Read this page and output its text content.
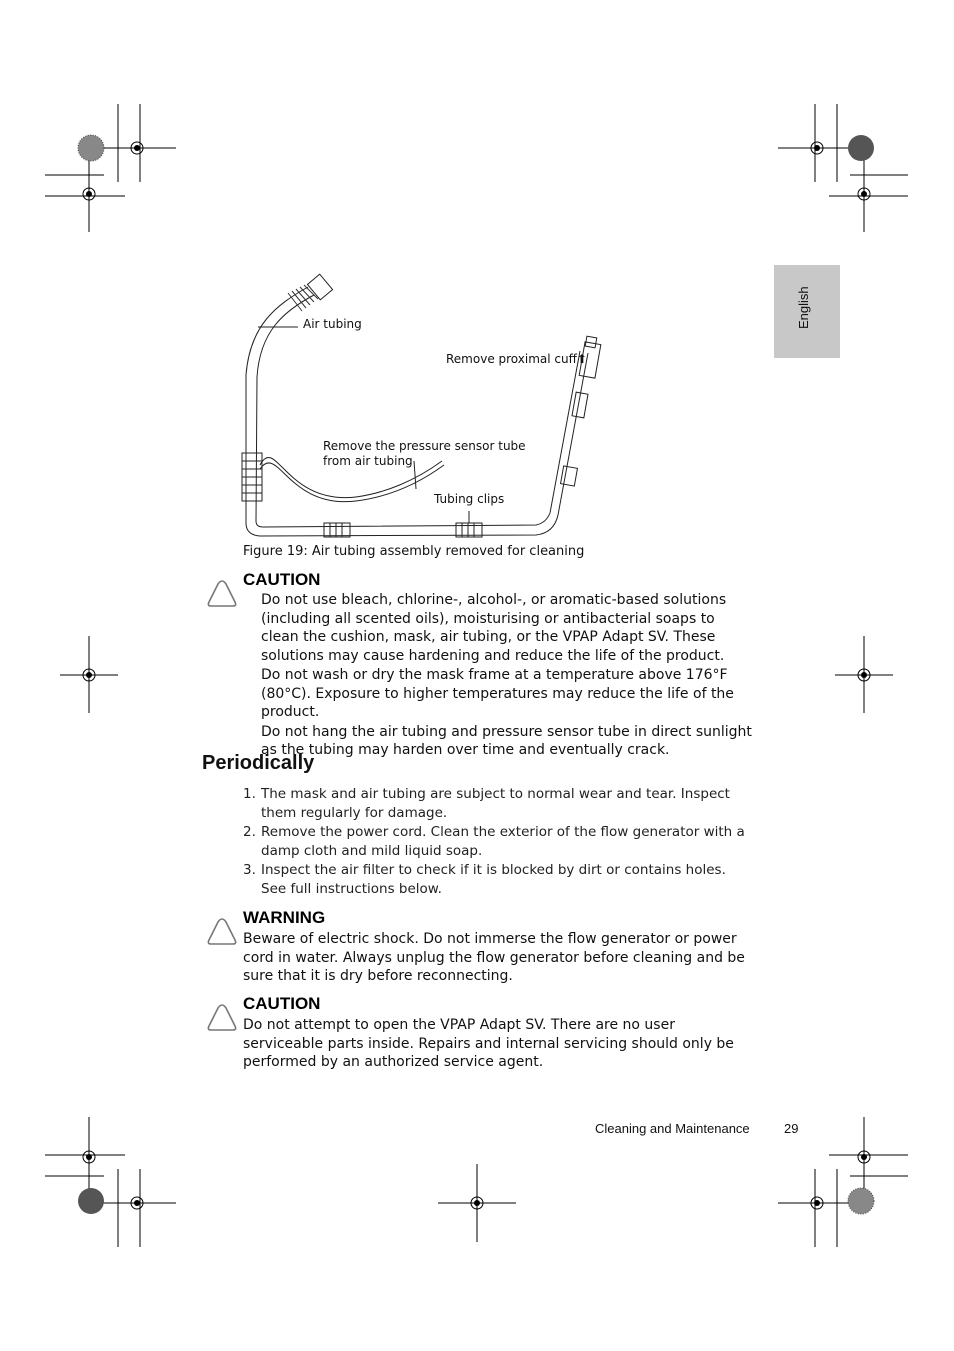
English
Air tubing
Remove proximal cuff⬆
Remove the pressure sensor tube
from air tubing
Tubing clips
Figure 19: Air tubing assembly removed for cleaning
CAUTION

Do not use bleach, chlorine-, alcohol-, or aromatic-based solutions (including all scented oils), moisturising or antibacterial soaps to clean the cushion, mask, air tubing, or the VPAP Adapt SV. These solutions may cause hardening and reduce the life of the product.

Do not wash or dry the mask frame at a temperature above 176°F (80°C). Exposure to higher temperatures may reduce the life of the product.

Do not hang the air tubing and pressure sensor tube in direct sunlight as the tubing may harden over time and eventually crack.

Periodically
1. The mask and air tubing are subject to normal wear and tear. Inspect them regularly for damage.
2. Remove the power cord. Clean the exterior of the flow generator with a damp cloth and mild liquid soap.
3. Inspect the air filter to check if it is blocked by dirt or contains holes. See full instructions below.
WARNING
Beware of electric shock. Do not immerse the flow generator or power cord in water. Always unplug the flow generator before cleaning and be sure that it is dry before reconnecting.
CAUTION
Do not attempt to open the VPAP Adapt SV. There are no user serviceable parts inside. Repairs and internal servicing should only be performed by an authorized service agent.
Cleaning and Maintenance	29
